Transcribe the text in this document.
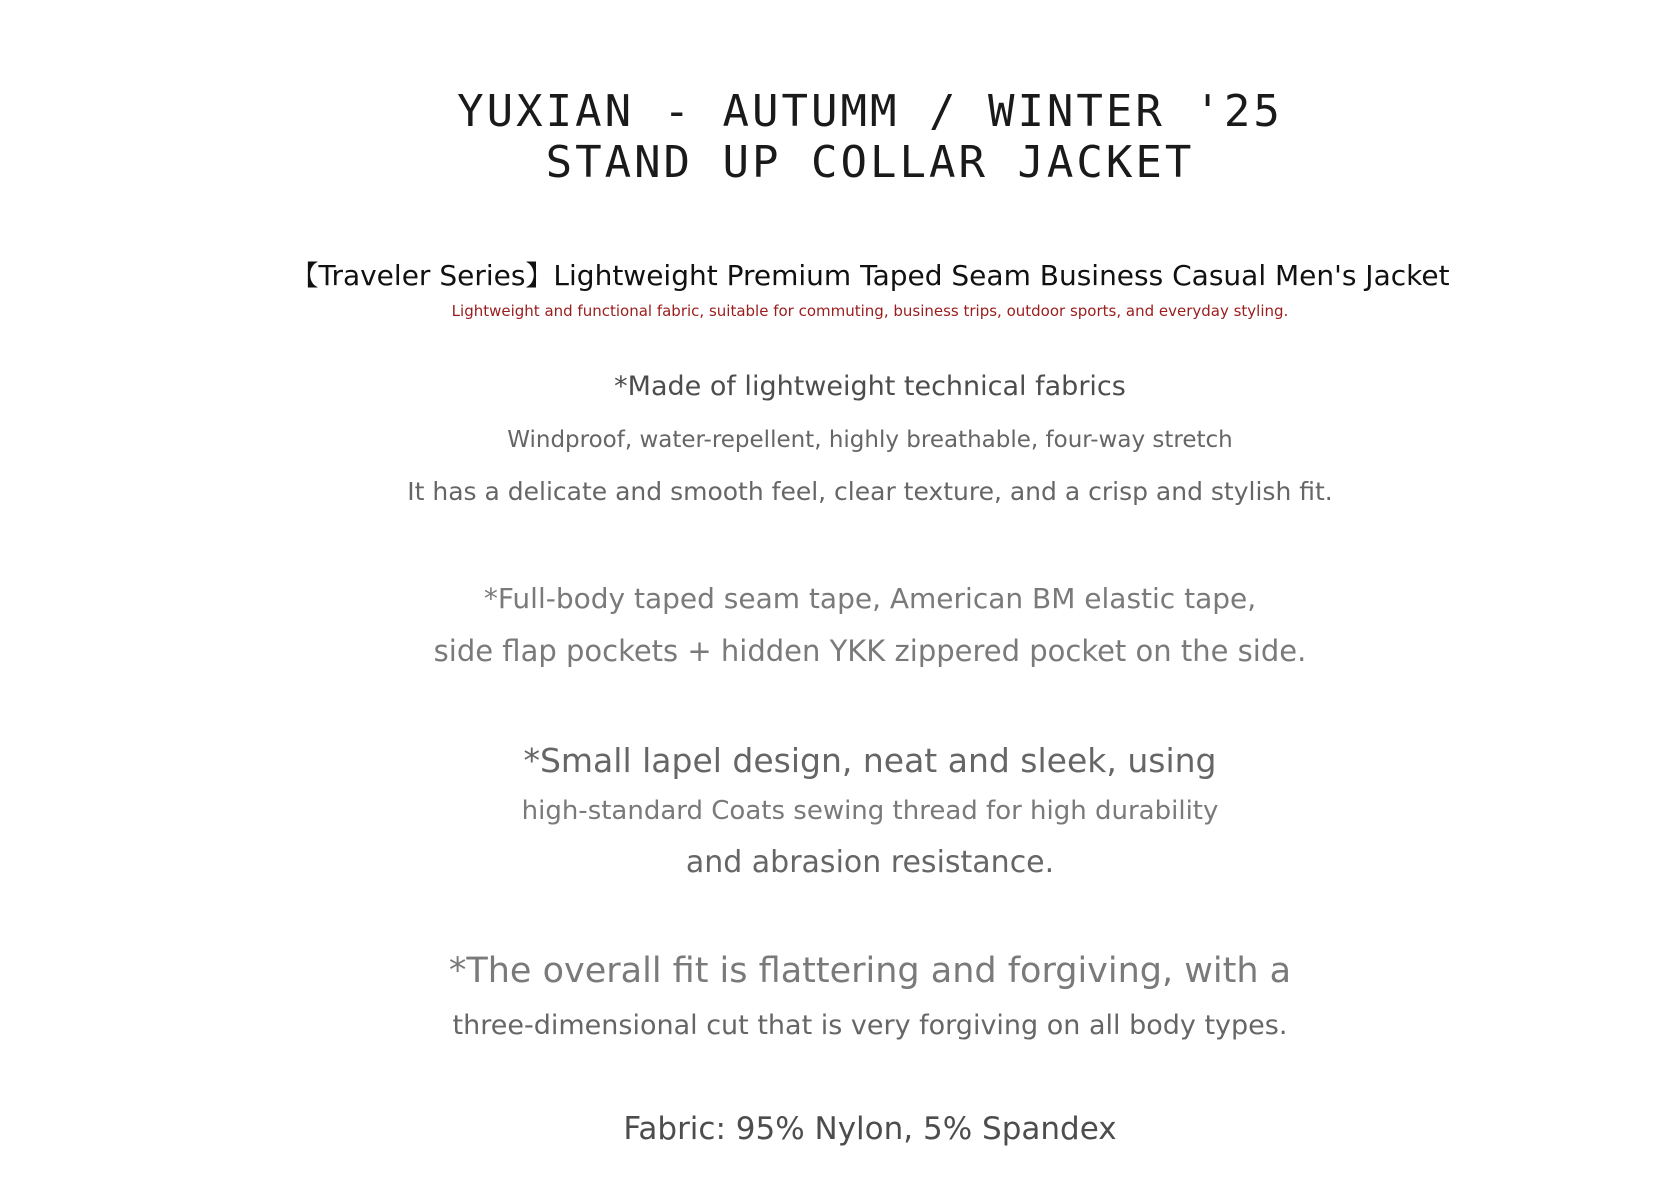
YUXIAN - AUTUMM / WINTER '25
STAND UP COLLAR JACKET
【Traveler Series】Lightweight Premium Taped Seam Business Casual Men's Jacket
Lightweight and functional fabric, suitable for commuting, business trips, outdoor sports, and everyday styling.
*Made of lightweight technical fabrics
Windproof, water-repellent, highly breathable, four-way stretch
It has a delicate and smooth feel, clear texture, and a crisp and stylish fit.
*Full-body taped seam tape, American BM elastic tape,
side flap pockets + hidden YKK zippered pocket on the side.
*Small lapel design, neat and sleek, using
high-standard Coats sewing thread for high durability
and abrasion resistance.
*The overall fit is flattering and forgiving, with a
three-dimensional cut that is very forgiving on all body types.
Fabric: 95% Nylon, 5% Spandex
